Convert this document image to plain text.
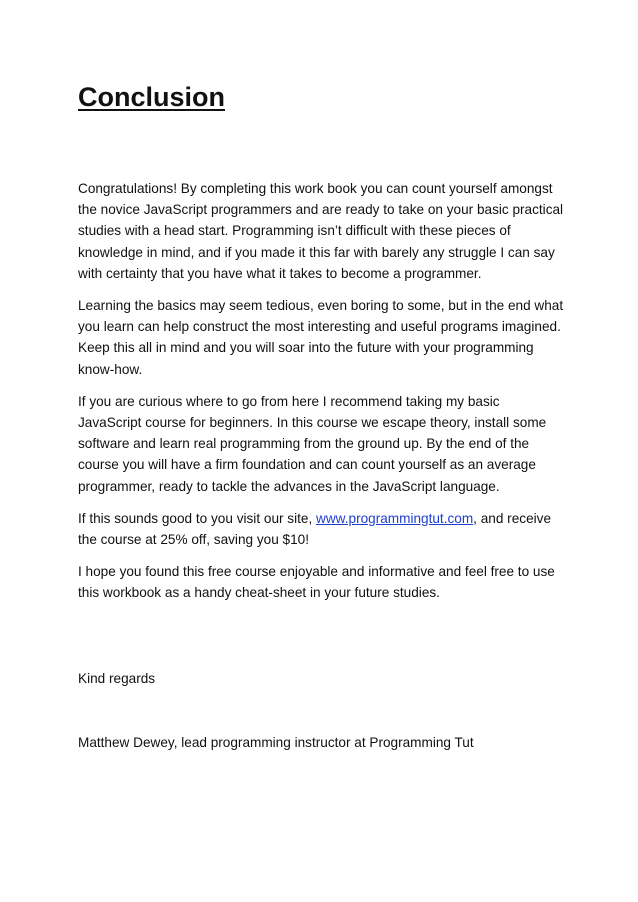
Conclusion

Congratulations! By completing this work book you can count yourself amongst the novice JavaScript programmers and are ready to take on your basic practical studies with a head start. Programming isn’t difficult with these pieces of knowledge in mind, and if you made it this far with barely any struggle I can say with certainty that you have what it takes to become a programmer.

Learning the basics may seem tedious, even boring to some, but in the end what you learn can help construct the most interesting and useful programs imagined. Keep this all in mind and you will soar into the future with your programming know-how.

If you are curious where to go from here I recommend taking my basic JavaScript course for beginners. In this course we escape theory, install some software and learn real programming from the ground up. By the end of the course you will have a firm foundation and can count yourself as an average programmer, ready to tackle the advances in the JavaScript language.

If this sounds good to you visit our site, www.programmingtut.com, and receive the course at 25% off, saving you $10!

I hope you found this free course enjoyable and informative and feel free to use this workbook as a handy cheat-sheet in your future studies.

Kind regards

Matthew Dewey, lead programming instructor at Programming Tut
